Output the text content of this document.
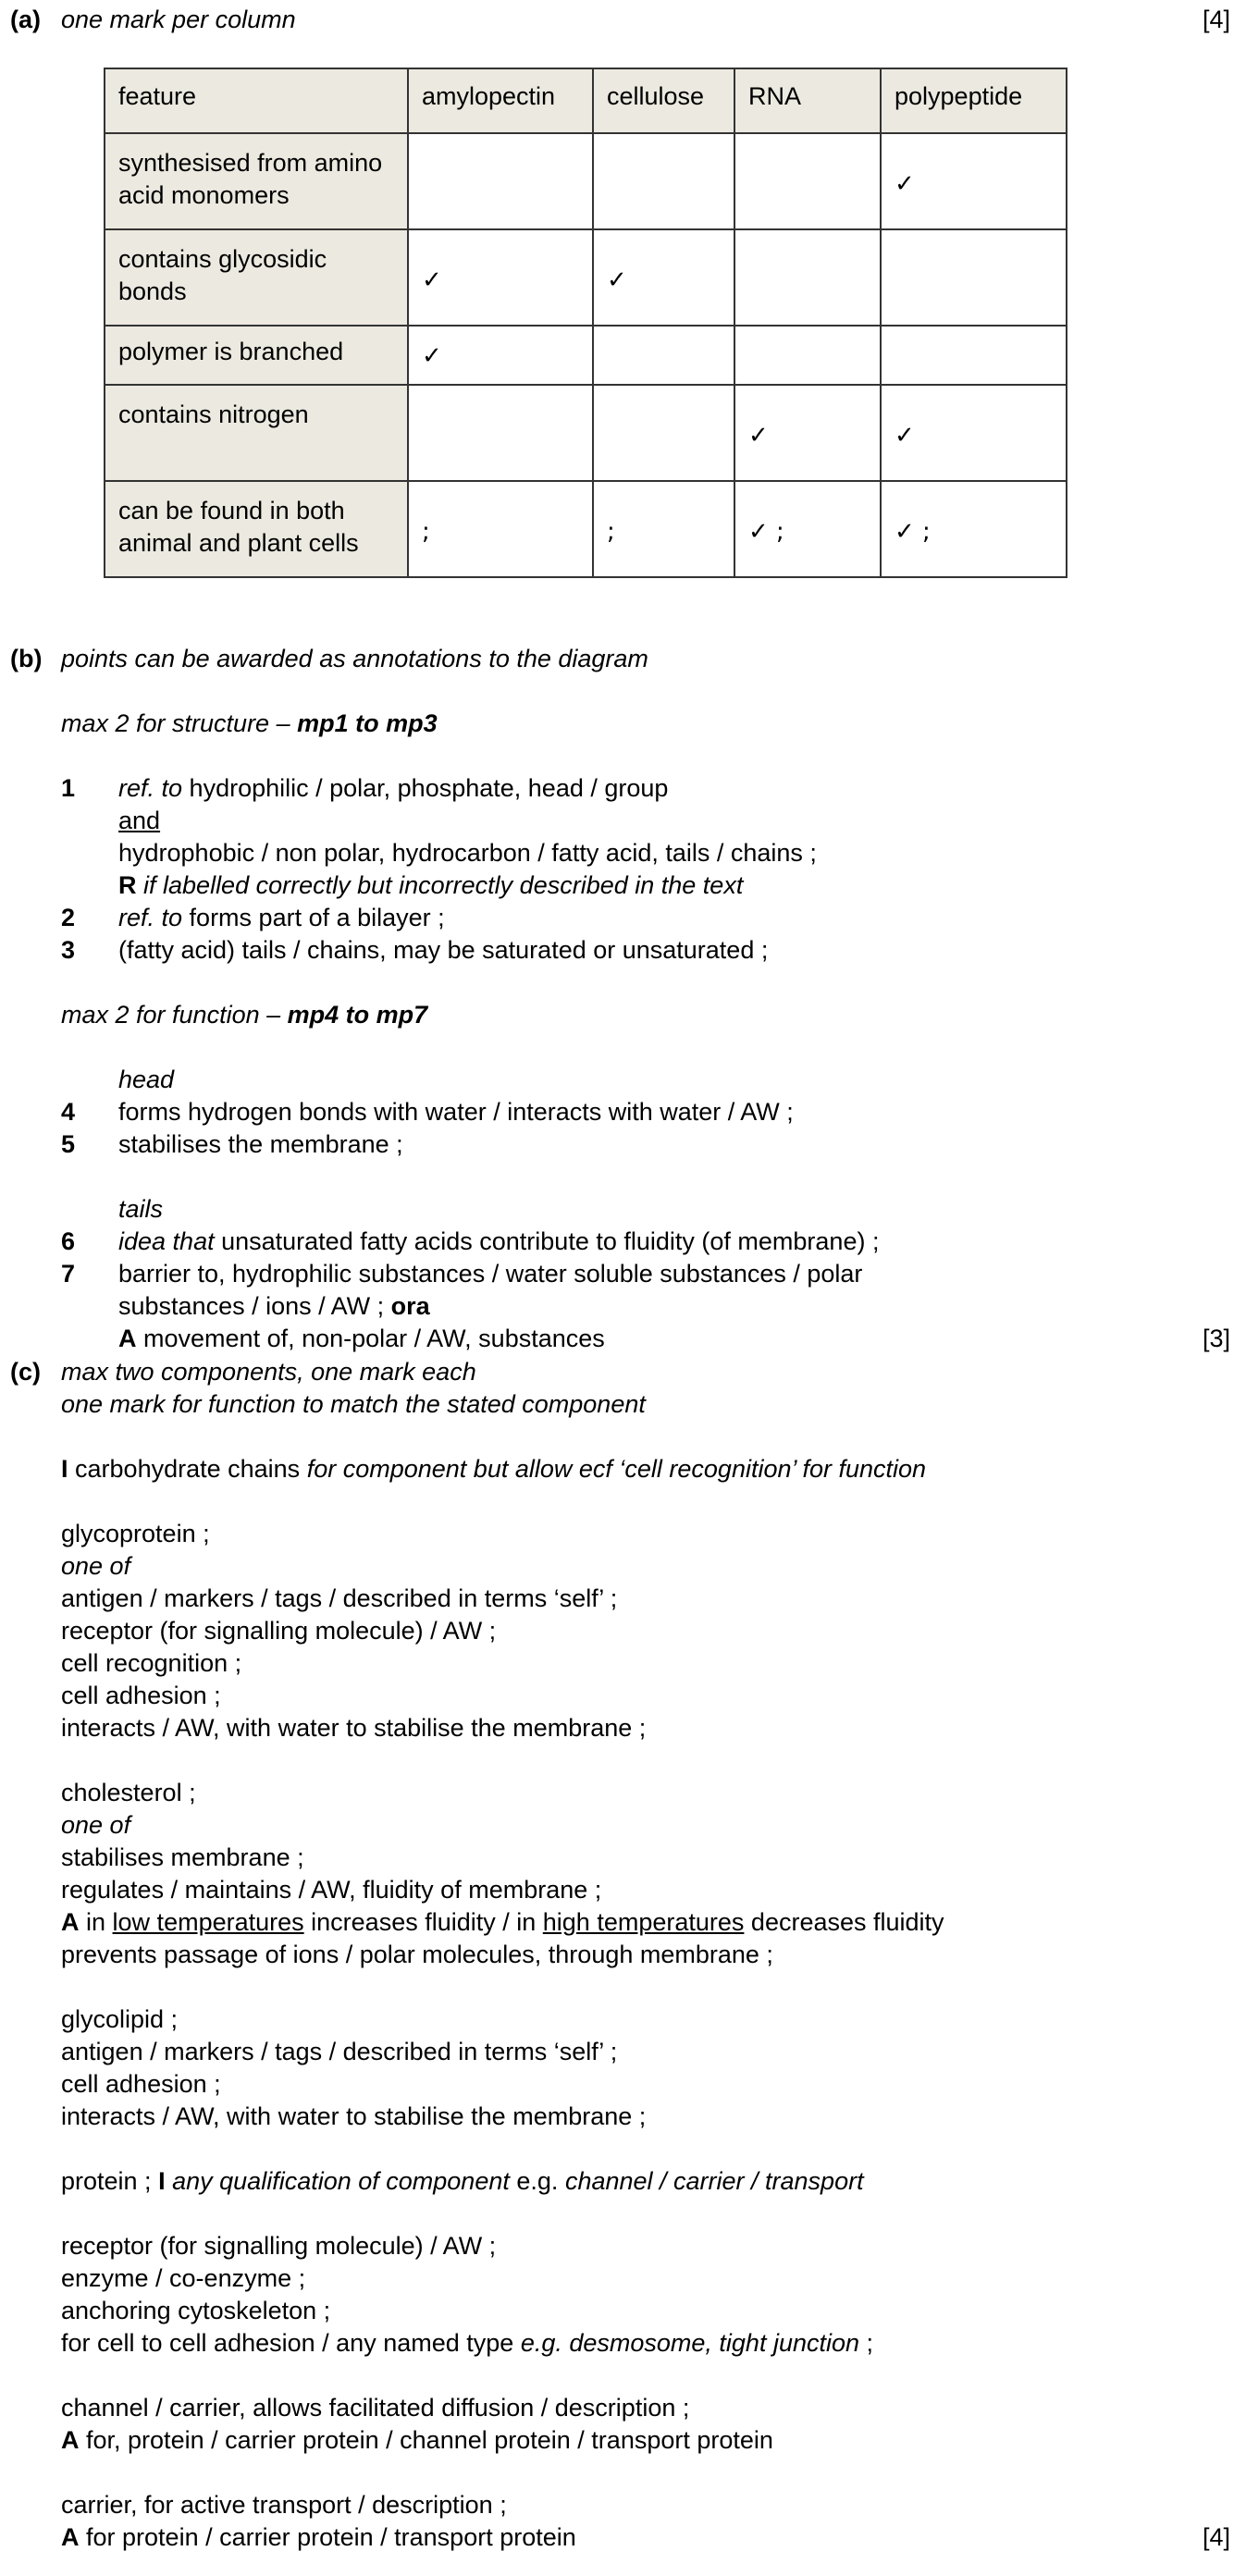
(a) one mark per column	[4]
feature	amylopectin	cellulose	RNA	polypeptide
synthesised from amino acid monomers				✓
contains glycosidic bonds	✓	✓		
polymer is branched	✓			
contains nitrogen			✓	✓
can be found in both animal and plant cells	;	;	✓ ;	✓ ;
(b) points can be awarded as annotations to the diagram
max 2 for structure – mp1 to mp3
1 ref. to hydrophilic / polar, phosphate, head / group
and
hydrophobic / non polar, hydrocarbon / fatty acid, tails / chains ;
R if labelled correctly but incorrectly described in the text
2 ref. to forms part of a bilayer ;
3 (fatty acid) tails / chains, may be saturated or unsaturated ;
max 2 for function – mp4 to mp7
head
4 forms hydrogen bonds with water / interacts with water / AW ;
5 stabilises the membrane ;
tails
6 idea that unsaturated fatty acids contribute to fluidity (of membrane) ;
7 barrier to, hydrophilic substances / water soluble substances / polar
substances / ions / AW ; ora
A movement of, non-polar / AW, substances	[3]
(c) max two components, one mark each
one mark for function to match the stated component
I carbohydrate chains for component but allow ecf ‘cell recognition’ for function
glycoprotein ;
one of
antigen / markers / tags / described in terms ‘self’ ;
receptor (for signalling molecule) / AW ;
cell recognition ;
cell adhesion ;
interacts / AW, with water to stabilise the membrane ;
cholesterol ;
one of
stabilises membrane ;
regulates / maintains / AW, fluidity of membrane ;
A in low temperatures increases fluidity / in high temperatures decreases fluidity
prevents passage of ions / polar molecules, through membrane ;
glycolipid ;
antigen / markers / tags / described in terms ‘self’ ;
cell adhesion ;
interacts / AW, with water to stabilise the membrane ;
protein ; I any qualification of component e.g. channel / carrier / transport
receptor (for signalling molecule) / AW ;
enzyme / co-enzyme ;
anchoring cytoskeleton ;
for cell to cell adhesion / any named type e.g. desmosome, tight junction ;
channel / carrier, allows facilitated diffusion / description ;
A for, protein / carrier protein / channel protein / transport protein
carrier, for active transport / description ;
A for protein / carrier protein / transport protein	[4]
